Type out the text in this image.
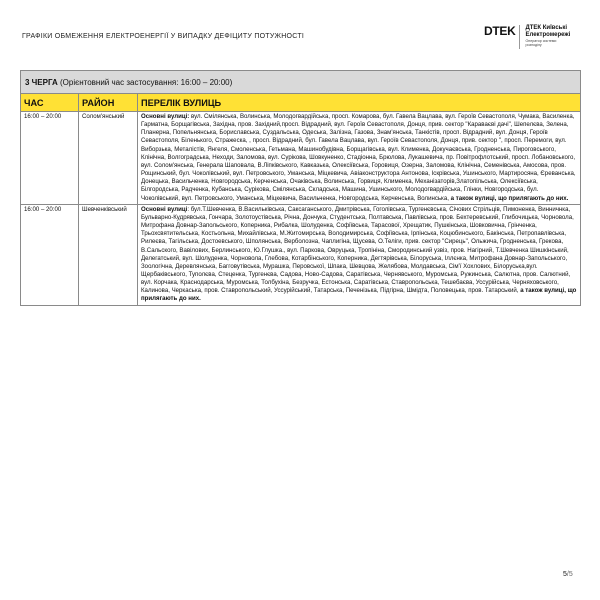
ГРАФІКИ ОБМЕЖЕННЯ ЕЛЕКТРОЕНЕРГІЇ У ВИПАДКУ ДЕФІЦИТУ ПОТУЖНОСТІ	DTEK ДТЕК Київські
Електромережі
Оператор системи
розподілу
3 ЧЕРГА (Орієнтовний час застосування: 16:00 – 20:00)		
ЧАС	РАЙОН	ПЕРЕЛІК ВУЛИЦЬ
16:00 – 20:00	Солом'янський	Основні вулиці: вул. Смілянська, Волинська, Молодогвардійська, просп. Комарова, бул. Гавела Вацлава, вул. Героїв Севастополя, Чумака, Василенка, Гарматна, Борщагівська, Західна, пров. Західний,просп. Відрадний, вул. Героїв Севастополя, Донця, прив. сектор "Караваєві дачі", Шепелєва, Зелена, Планерна, Попельнянська, Бориславська, Суздальська, Одеська, Залізна, Газова, Знам'янська, Танкістів, просп. Відрадний, вул. Донця, Героїв Севастополя, Біленького, Стражеска, , просп. Відрадний, бул. Гавела Вацлава, вул. Героїв Севастополя, Донця, прив. сектор ", просп. Перемоги, вул. Виборзька, Металістів, Янгеля, Смоленська, Гетьмана, Машинобудівна, Борщагівська, вул. Клименка, Докучаєвська, Гродненська, Пироговського, Клінічна, Волгоградська, Неходи, Заломова, вул. Сурікова, Шовкуненко, Стадіонна, Брюлова, Лукашевича, пр. Повітрофлотський, просп. Лобановського, вул. Солом'янська, Генерала Шаповала, В.Ліпківського, Кавказька, Олексіївська, Горовиця, Озерна, Заломова, Клінічна, Семенівська, Амосова, пров. Рощинський, бул. Чоколівський, вул. Петровського, Уманська, Міцкевича, Авіаконструктора Антонова, Іскрівська, Ушинського, Мартиросяна, Єреванська, Донецька, Васильченка, Новгородська, Керченська, Очаківська, Волинська, Горвиця, Клименка, Механізаторів,Златопільська, Олексіївська, Білгородська, Радченка, Кубанська, Сурікова, Смілянська, Складська, Машина, Ушинського, Молодогвардійська, Глінки, Новгородська, бул. Чоколівський, вул. Петровського, Уманська, Міцкевича, Васильченка, Новгородська, Керченська, Волинська, а також вулиці, що прилягають до них.
16:00 – 20:00	Шевченківський	Основні вулиці: бул.Т.Шевченка, В.Васильківська, Саксаганського, Дмитрівська, Гоголівська, Тургенєвська, Січових Стрільців, Пимоненка, Винничнка, Бульварно-Кудрявська, Гончара, Золотоустівська, Річна, Дончука, Студентська, Полтавська, Павлівська, пров. Бехтеревський, Глибочицька, Чорновола, Митрофана Довнар-Запольського, Коперника, Рибалка, Шолуденка, Софіївська, Тарасової, Хрещатик, Пушкінська, Шовковична, Грінченка, Трьохсвятительська, Костьольна, Михайлівська, М.Житомирська, Володимирська, Софіївська, Ірпінська, Коцюбинського, Бакінська, Петропавлівська, Рилеєва, Тагільська, Достоевського, Шполянська, Верболозна, Чаплигіна, Щусева, О.Теліги, прив. сектор "Сирець", Ольжича, Гродненська, Грекова, В.Сальского, Вавілових, Берлинського, Ю.Глушка., вул. Паркова, Овруцька, Тропініна, Смородинський узвіз, пров. Нагірний, Т.Шевченка Шишкінський, Делегатський, вул. Шолуденка, Чорновола, Глебова, Котарбінського, Коперника, Дегтярівська, Білоруська, Іллєнка, Митрофана Довнар-Запольського, Зоологічна, Деревлянська, Багговутівська, Мурашка, Перовської, Шпака, Шевцова, Желябова, Молдавська, Сім'ї Хохлових, Білоруська,вул. Щербаківського, Туполєва, Стеценка, Тургенєва, Садова, Ново-Садова, Саратівська, Чернявського, Муромська, Ружинська, Салютна, пров. Салютний, вул. Корчака, Краснодарська, Муромська, Толбухіна, Безручка, Естонська, Саратівська, Ставропольська, Тешебаєва, Уссурійська, Черняховського, Калинова, Черкаська, пров. Ставропольський, Уссурійський, Татарська, Печенізька, Підгірна, Шмідта, Половецька, пров. Татарський, а також вулиці, що прилягають до них.
5/5
